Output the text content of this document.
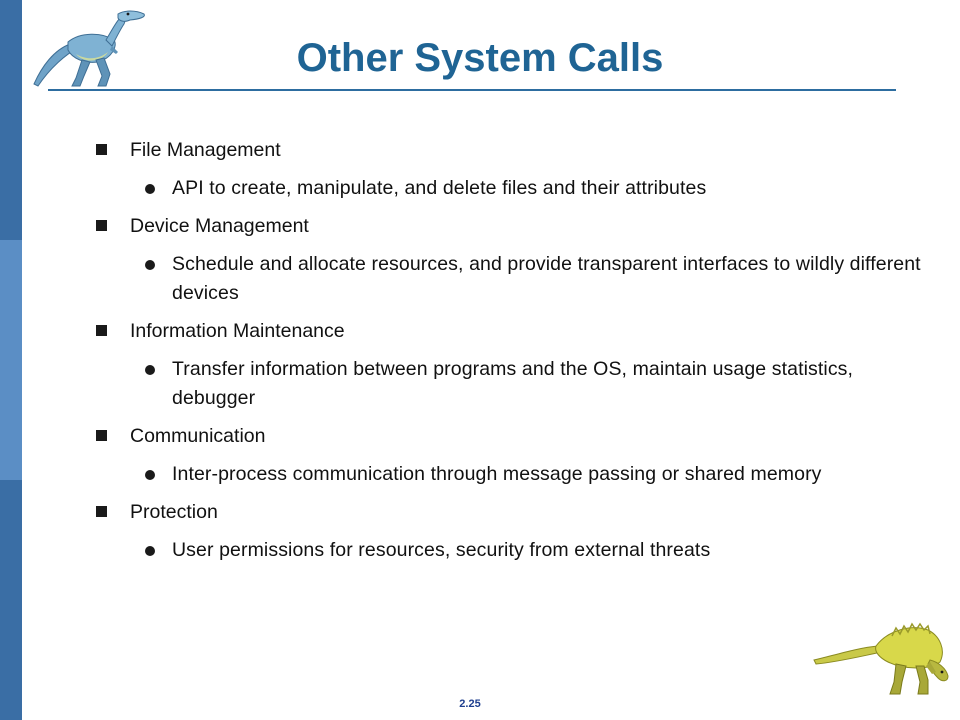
Other System Calls
File Management
API to create, manipulate, and delete files and their attributes
Device Management
Schedule and allocate resources, and provide transparent interfaces to wildly different devices
Information Maintenance
Transfer information between programs and the OS, maintain usage statistics, debugger
Communication
Inter-process communication through message passing or shared memory
Protection
User permissions for resources, security from external threats
2.25
